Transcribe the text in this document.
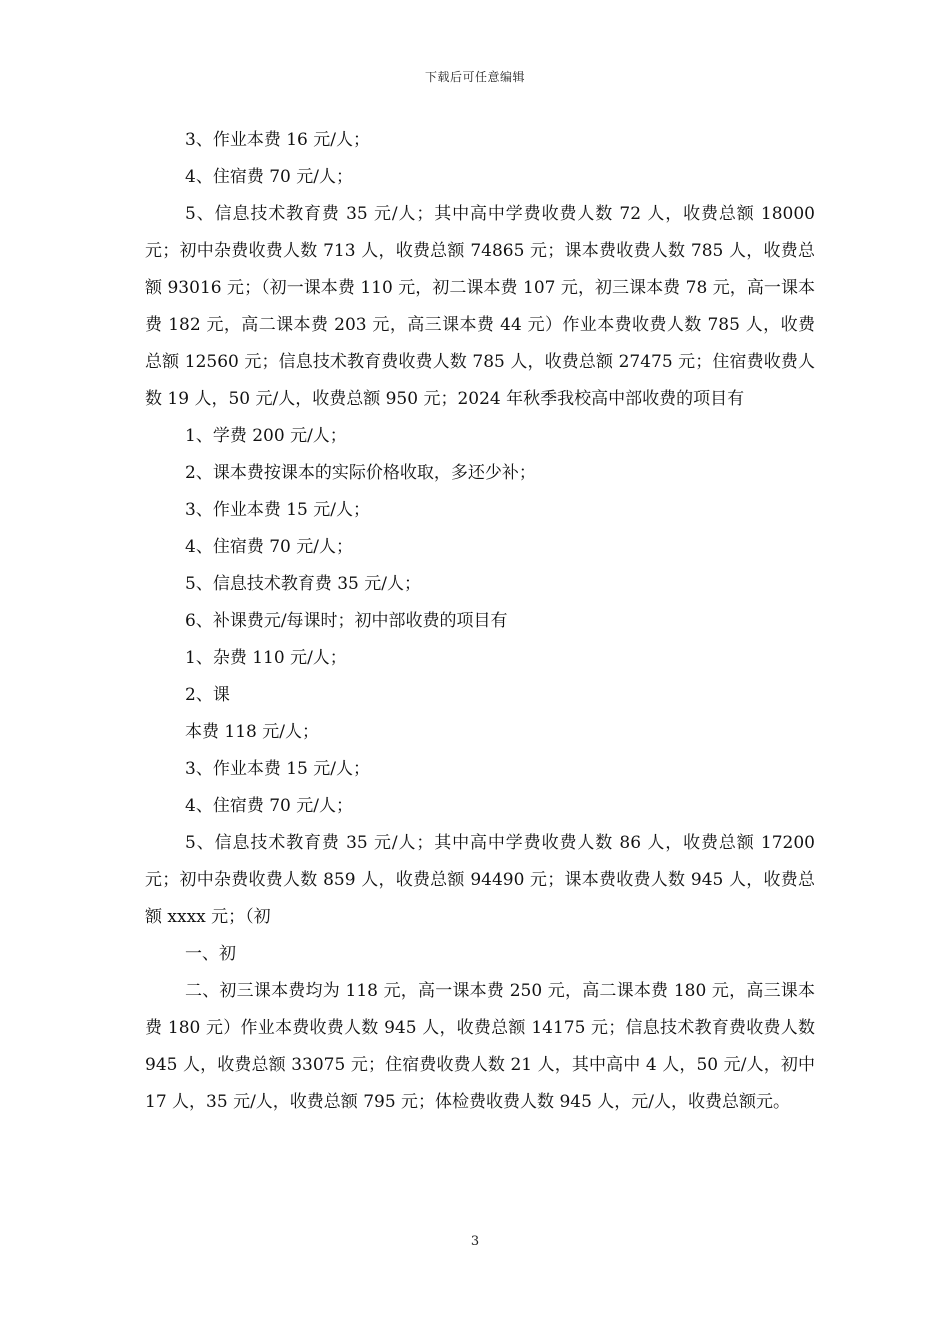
下载后可任意编辑

3、作业本费 16 元/人；

4、住宿费 70 元/人；

5、信息技术教育费 35 元/人；其中高中学费收费人数 72 人，收费总额 18000 元；初中杂费收费人数 713 人，收费总额 74865 元；课本费收费人数 785 人，收费总额 93016 元；（初一课本费 110 元，初二课本费 107 元，初三课本费 78 元，高一课本费 182 元，高二课本费 203 元，高三课本费 44 元）作业本费收费人数 785 人，收费总额 12560 元；信息技术教育费收费人数 785 人，收费总额 27475 元；住宿费收费人数 19 人，50 元/人，收费总额 950 元；2024 年秋季我校高中部收费的项目有

1、学费 200 元/人；

2、课本费按课本的实际价格收取，多还少补；

3、作业本费 15 元/人；

4、住宿费 70 元/人；

5、信息技术教育费 35 元/人；

6、补课费元/每课时；初中部收费的项目有

1、杂费 110 元/人；

2、课

本费 118 元/人；

3、作业本费 15 元/人；

4、住宿费 70 元/人；

5、信息技术教育费 35 元/人；其中高中学费收费人数 86 人，收费总额 17200 元；初中杂费收费人数 859 人，收费总额 94490 元；课本费收费人数 945 人，收费总额 xxxx 元；（初

一、初

二、初三课本费均为 118 元，高一课本费 250 元，高二课本费 180 元，高三课本费 180 元）作业本费收费人数 945 人，收费总额 14175 元；信息技术教育费收费人数 945 人，收费总额 33075 元；住宿费收费人数 21 人，其中高中 4 人，50 元/人，初中 17 人，35 元/人，收费总额 795 元；体检费收费人数 945 人，元/人，收费总额元。

3
